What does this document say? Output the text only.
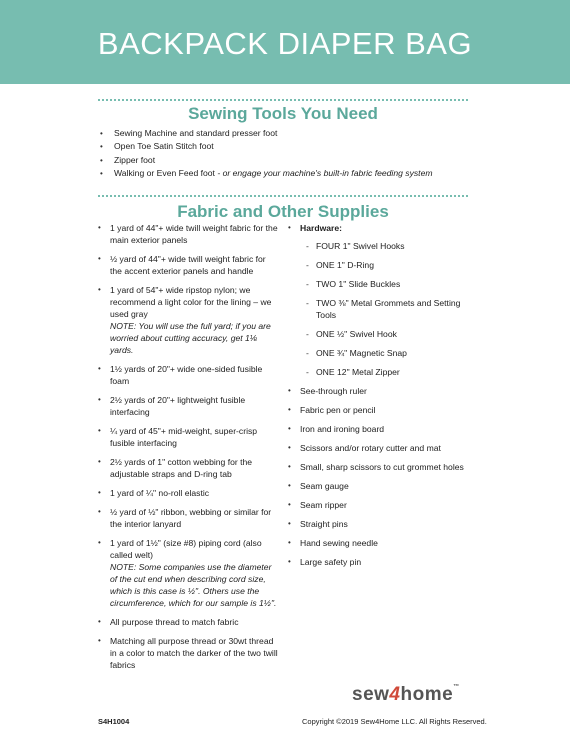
BACKPACK DIAPER BAG
Sewing Tools You Need
• Sewing Machine and standard presser foot
• Open Toe Satin Stitch foot
• Zipper foot
• Walking or Even Feed foot - or engage your machine's built-in fabric feeding system
Fabric and Other Supplies
• 1 yard of 44"+ wide twill weight fabric for the main exterior panels
• ½ yard of 44"+ wide twill weight fabric for the accent exterior panels and handle
• 1 yard of 54"+ wide ripstop nylon; we recommend a light color for the lining – we used gray
NOTE: You will use the full yard; if you are worried about cutting accuracy, get 1⅛ yards.
• 1½ yards of 20"+ wide one-sided fusible foam
• 2½ yards of 20"+ lightweight fusible interfacing
• ¼ yard of 45"+ mid-weight, super-crisp fusible interfacing
• 2½ yards of 1" cotton webbing for the adjustable straps and D-ring tab
• 1 yard of ¼" no-roll elastic
• ½ yard of ½" ribbon, webbing or similar for the interior lanyard
• 1 yard of 1½" (size #8) piping cord (also called welt)
NOTE: Some companies use the diameter of the cut end when describing cord size, which is this case is ½". Others use the circumference, which for our sample is 1½".
• All purpose thread to match fabric
• Matching all purpose thread or 30wt thread in a color to match the darker of the two twill fabrics
• Hardware:
- FOUR 1" Swivel Hooks
- ONE 1" D-Ring
- TWO 1" Slide Buckles
- TWO ⅜" Metal Grommets and Setting Tools
- ONE ½" Swivel Hook
- ONE ¾" Magnetic Snap
- ONE 12" Metal Zipper
• See-through ruler
• Fabric pen or pencil
• Iron and ironing board
• Scissors and/or rotary cutter and mat
• Small, sharp scissors to cut grommet holes
• Seam gauge
• Seam ripper
• Straight pins
• Hand sewing needle
• Large safety pin
sew4home™
S4H1004	Copyright ©2019 Sew4Home LLC. All Rights Reserved.
